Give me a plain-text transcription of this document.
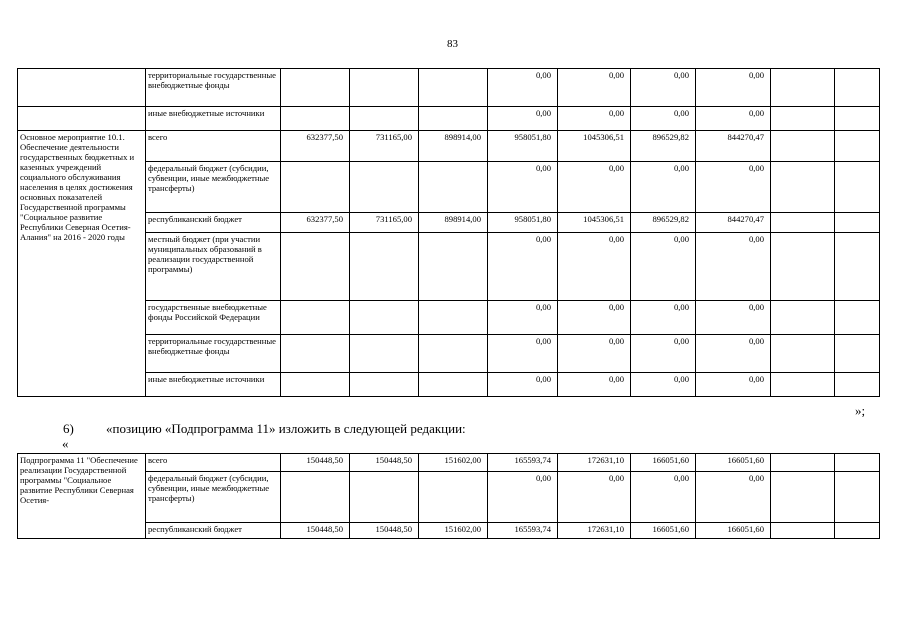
83
	территориальные государственные внебюджетные фонды				0,00	0,00	0,00	0,00		
	иные внебюджетные источники				0,00	0,00	0,00	0,00		
Основное мероприятие 10.1. Обеспечение деятельности государственных бюджетных и казенных учреждений социального обслуживания населения в целях достижения основных показателей Государственной программы "Социальное развитие Республики Северная Осетия-Алания" на 2016 - 2020 годы	всего	632377,50	731165,00	898914,00	958051,80	1045306,51	896529,82	844270,47		
	федеральный бюджет (субсидии, субвенции, иные межбюджетные трансферты)				0,00	0,00	0,00	0,00		
	республиканский бюджет	632377,50	731165,00	898914,00	958051,80	1045306,51	896529,82	844270,47		
	местный бюджет (при участии муниципальных образований в реализации государственной программы)				0,00	0,00	0,00	0,00		
	государственные внебюджетные фонды Российской Федерации				0,00	0,00	0,00	0,00		
	территориальные государственные внебюджетные фонды				0,00	0,00	0,00	0,00		
	иные внебюджетные источники				0,00	0,00	0,00	0,00		
»;
6) «позицию «Подпрограмма 11» изложить в следующей редакции:
«
Подпрограмма 11 "Обеспечение реализации Государственной программы "Социальное развитие Республики Северная Осетия-	всего	150448,50	150448,50	151602,00	165593,74	172631,10	166051,60	166051,60		
	федеральный бюджет (субсидии, субвенции, иные межбюджетные трансферты)				0,00	0,00	0,00	0,00		
	республиканский бюджет	150448,50	150448,50	151602,00	165593,74	172631,10	166051,60	166051,60		
